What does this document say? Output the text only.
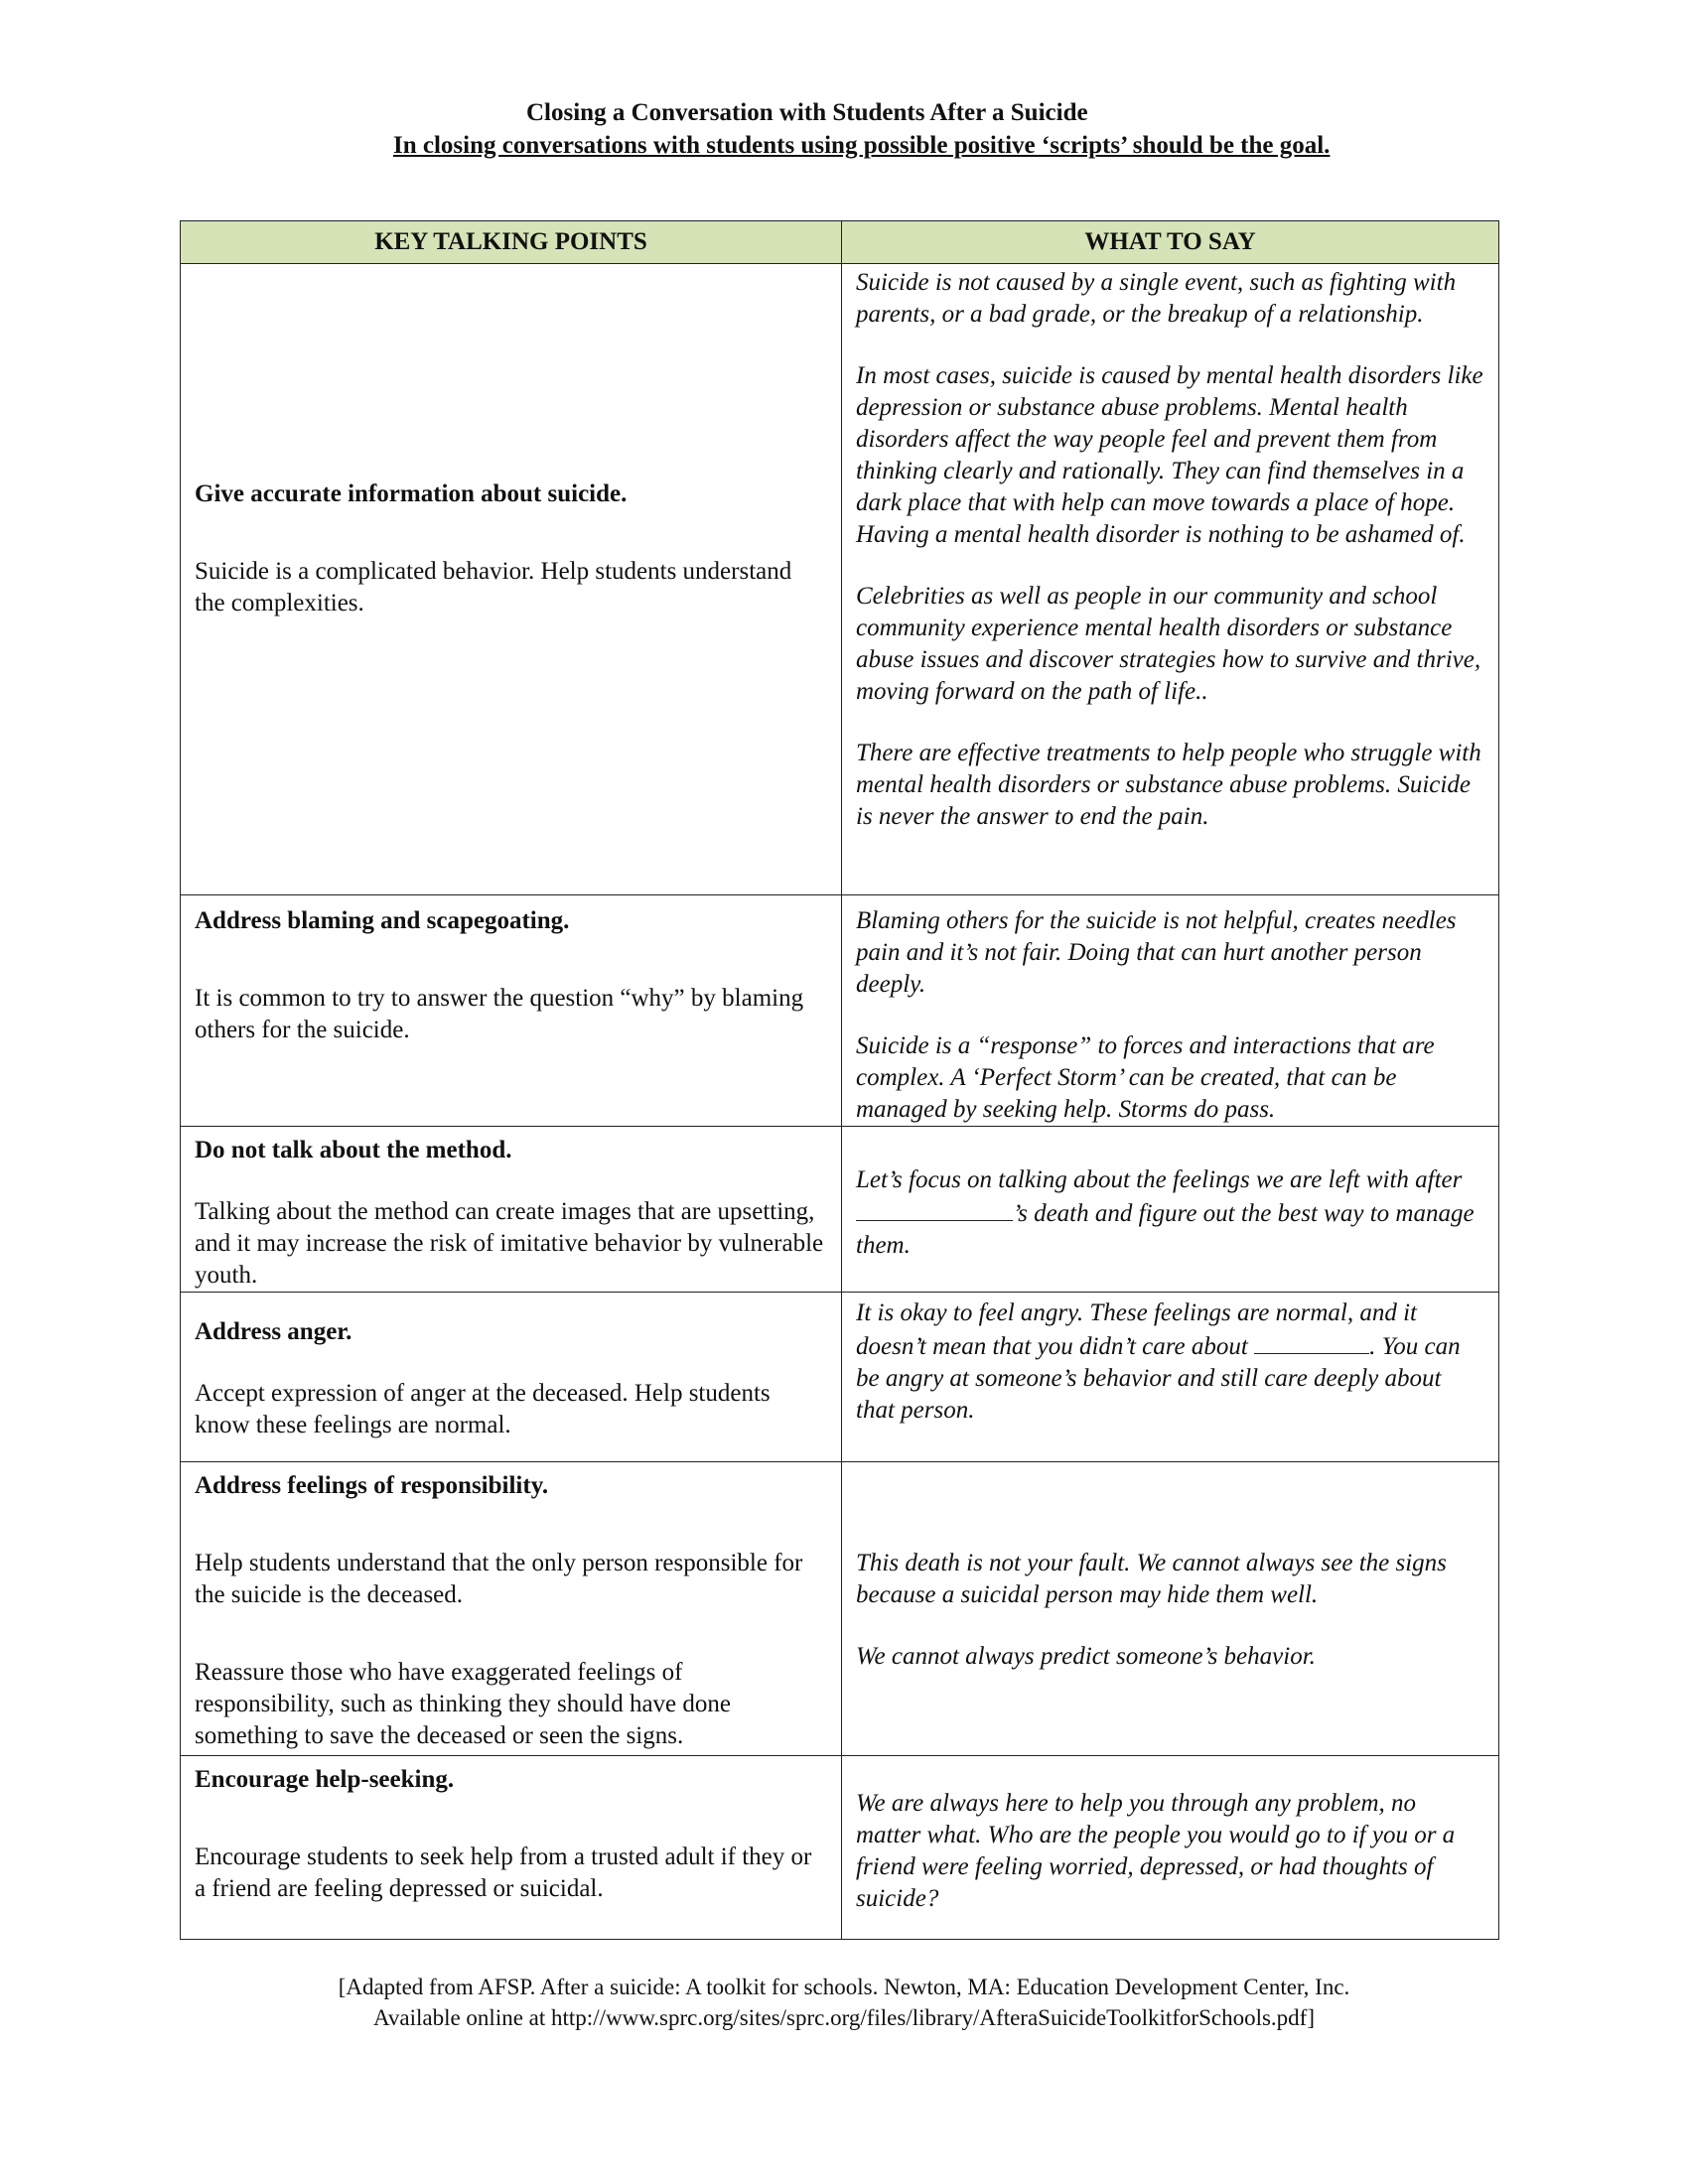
Closing a Conversation with Students After a Suicide
In closing conversations with students using possible positive ‘scripts’ should be the goal.
KEY TALKING POINTS	WHAT TO SAY

Give accurate information about suicide.
Suicide is a complicated behavior. Help students understand the complexities.	Suicide is not caused by a single event, such as fighting with parents, or a bad grade, or the breakup of a relationship.
In most cases, suicide is caused by mental health disorders like depression or substance abuse problems. Mental health disorders affect the way people feel and prevent them from thinking clearly and rationally. They can find themselves in a dark place that with help can move towards a place of hope. Having a mental health disorder is nothing to be ashamed of.
Celebrities as well as people in our community and school community experience mental health disorders or substance abuse issues and discover strategies how to survive and thrive, moving forward on the path of life..
There are effective treatments to help people who struggle with mental health disorders or substance abuse problems. Suicide is never the answer to end the pain.

Address blaming and scapegoating.
It is common to try to answer the question “why” by blaming others for the suicide.	Blaming others for the suicide is not helpful, creates needles pain and it’s not fair. Doing that can hurt another person deeply.
Suicide is a “response” to forces and interactions that are complex. A ‘Perfect Storm’ can be created, that can be managed by seeking help. Storms do pass.

Do not talk about the method.
Talking about the method can create images that are upsetting, and it may increase the risk of imitative behavior by vulnerable youth.	Let’s focus on talking about the feelings we are left with after ’s death and figure out the best way to manage them.

Address anger.
Accept expression of anger at the deceased. Help students know these feelings are normal.	It is okay to feel angry. These feelings are normal, and it doesn’t mean that you didn’t care about . You can be angry at someone’s behavior and still care deeply about that person.

Address feelings of responsibility.
Help students understand that the only person responsible for the suicide is the deceased.
Reassure those who have exaggerated feelings of responsibility, such as thinking they should have done something to save the deceased or seen the signs.	This death is not your fault. We cannot always see the signs because a suicidal person may hide them well.
We cannot always predict someone’s behavior.

Encourage help-seeking.
Encourage students to seek help from a trusted adult if they or a friend are feeling depressed or suicidal.	We are always here to help you through any problem, no matter what. Who are the people you would go to if you or a friend were feeling worried, depressed, or had thoughts of suicide?
[Adapted from AFSP. After a suicide: A toolkit for schools. Newton, MA: Education Development Center, Inc.
Available online at http://www.sprc.org/sites/sprc.org/files/library/AfteraSuicideToolkitforSchools.pdf]
